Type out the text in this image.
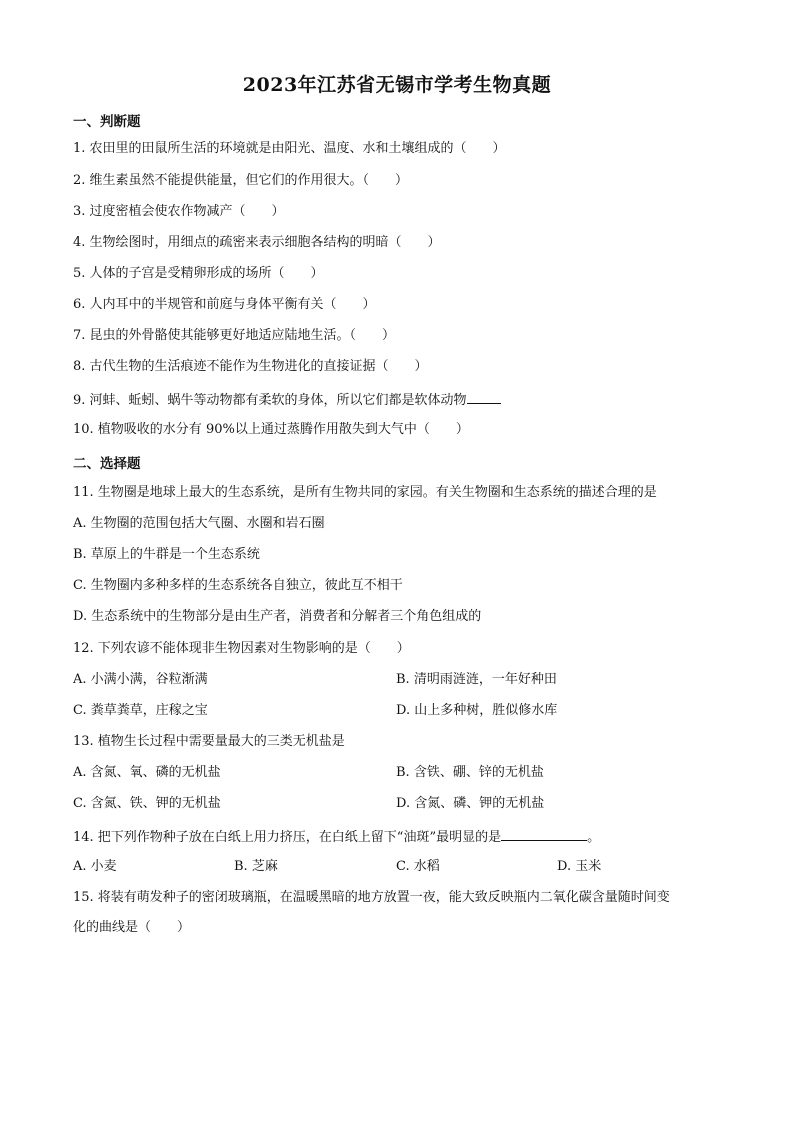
2023年江苏省无锡市学考生物真题
一、判断题
1. 农田里的田鼠所生活的环境就是由阳光、温度、水和土壤组成的（　　）
2. 维生素虽然不能提供能量，但它们的作用很大。（　　）
3. 过度密植会使农作物减产（　　）
4. 生物绘图时，用细点的疏密来表示细胞各结构的明暗（　　）
5. 人体的子宫是受精卵形成的场所（　　）
6. 人内耳中的半规管和前庭与身体平衡有关（　　）
7. 昆虫的外骨骼使其能够更好地适应陆地生活。（　　）
8. 古代生物的生活痕迹不能作为生物进化的直接证据（　　）
9. 河蚌、蚯蚓、蜗牛等动物都有柔软的身体，所以它们都是软体动物
10. 植物吸收的水分有 90%以上通过蒸腾作用散失到大气中（　　）
二、选择题
11. 生物圈是地球上最大的生态系统，是所有生物共同的家园。有关生物圈和生态系统的描述合理的是
A. 生物圈的范围包括大气圈、水圈和岩石圈
B. 草原上的牛群是一个生态系统
C. 生物圈内多种多样的生态系统各自独立，彼此互不相干
D. 生态系统中的生物部分是由生产者，消费者和分解者三个角色组成的
12. 下列农谚不能体现非生物因素对生物影响的是（　　）
A. 小满小满，谷粒渐满	B. 清明雨涟涟，一年好种田
C. 粪草粪草，庄稼之宝	D. 山上多种树，胜似修水库
13. 植物生长过程中需要量最大的三类无机盐是
A. 含氮、氧、磷的无机盐	B. 含铁、硼、锌的无机盐
C. 含氮、铁、钾的无机盐	D. 含氮、磷、钾的无机盐
14. 把下列作物种子放在白纸上用力挤压，在白纸上留下“油斑”最明显的是	。
A. 小麦	B. 芝麻	C. 水稻	D. 玉米
15. 将装有萌发种子的密闭玻璃瓶，在温暖黑暗的地方放置一夜，能大致反映瓶内二氧化碳含量随时间变
化的曲线是（　　）
